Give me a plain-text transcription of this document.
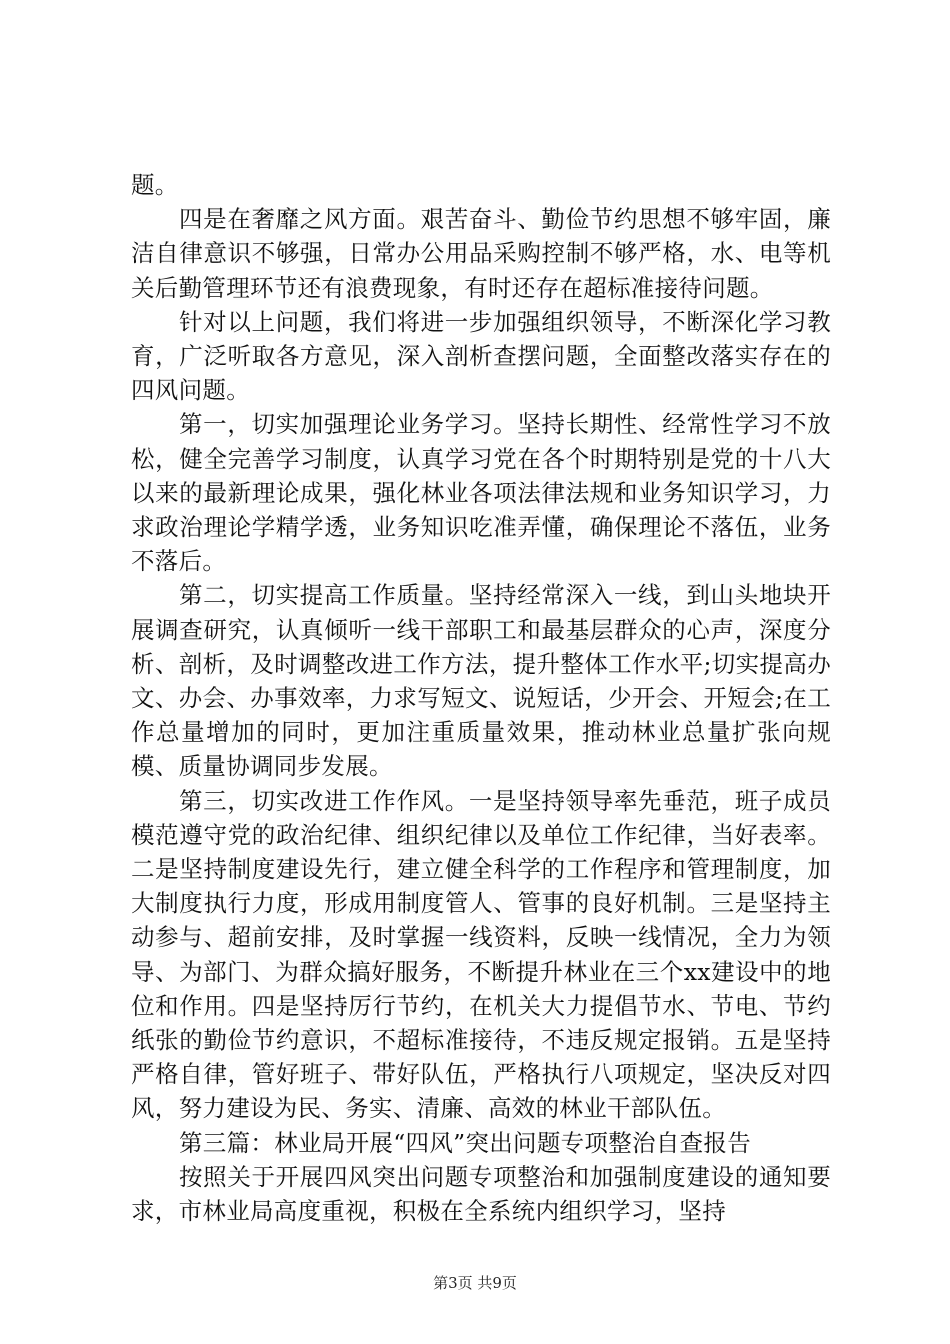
题。

四是在奢靡之风方面。艰苦奋斗、勤俭节约思想不够牢固，廉洁自律意识不够强，日常办公用品采购控制不够严格，水、电等机关后勤管理环节还有浪费现象，有时还存在超标准接待问题。

针对以上问题，我们将进一步加强组织领导，不断深化学习教育，广泛听取各方意见，深入剖析查摆问题，全面整改落实存在的四风问题。

第一，切实加强理论业务学习。坚持长期性、经常性学习不放松，健全完善学习制度，认真学习党在各个时期特别是党的十八大以来的最新理论成果，强化林业各项法律法规和业务知识学习，力求政治理论学精学透，业务知识吃准弄懂，确保理论不落伍，业务不落后。

第二，切实提高工作质量。坚持经常深入一线，到山头地块开展调查研究，认真倾听一线干部职工和最基层群众的心声，深度分析、剖析，及时调整改进工作方法，提升整体工作水平;切实提高办文、办会、办事效率，力求写短文、说短话，少开会、开短会;在工作总量增加的同时，更加注重质量效果，推动林业总量扩张向规模、质量协调同步发展。

第三，切实改进工作作风。一是坚持领导率先垂范，班子成员模范遵守党的政治纪律、组织纪律以及单位工作纪律，当好表率。二是坚持制度建设先行，建立健全科学的工作程序和管理制度，加大制度执行力度，形成用制度管人、管事的良好机制。三是坚持主动参与、超前安排，及时掌握一线资料，反映一线情况，全力为领导、为部门、为群众搞好服务，不断提升林业在三个xx建设中的地位和作用。四是坚持厉行节约，在机关大力提倡节水、节电、节约纸张的勤俭节约意识，不超标准接待，不违反规定报销。五是坚持严格自律，管好班子、带好队伍，严格执行八项规定，坚决反对四风，努力建设为民、务实、清廉、高效的林业干部队伍。

第三篇：林业局开展“四风”突出问题专项整治自查报告

按照关于开展四风突出问题专项整治和加强制度建设的通知要求，市林业局高度重视，积极在全系统内组织学习，坚持

第3页 共9页
